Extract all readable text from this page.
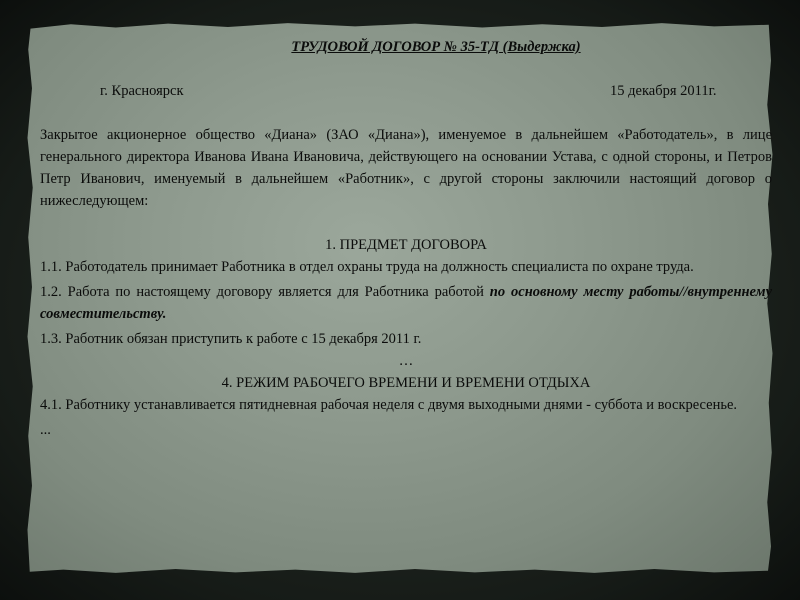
ТРУДОВОЙ ДОГОВОР № 35-ТД (Выдержка)
г. Красноярск	15 декабря 2011г.
Закрытое акционерное общество «Диана» (ЗАО «Диана»), именуемое в дальнейшем «Работодатель», в лице генерального директора Иванова Ивана Ивановича, действующего на основании Устава, с одной стороны, и Петров Петр Иванович, именуемый в дальнейшем «Работник», с другой стороны заключили настоящий договор о нижеследующем:
1. ПРЕДМЕТ ДОГОВОРА
1.1. Работодатель принимает Работника в отдел охраны труда на должность специалиста по охране труда.
1.2. Работа по настоящему договору является для Работника работой по основному месту работы//внутреннему совместительству.
1.3. Работник обязан приступить к работе с 15 декабря 2011 г.
…
4. РЕЖИМ РАБОЧЕГО ВРЕМЕНИ И ВРЕМЕНИ ОТДЫХА
4.1. Работнику устанавливается пятидневная рабочая неделя с двумя выходными днями - суббота и воскресенье.
...
